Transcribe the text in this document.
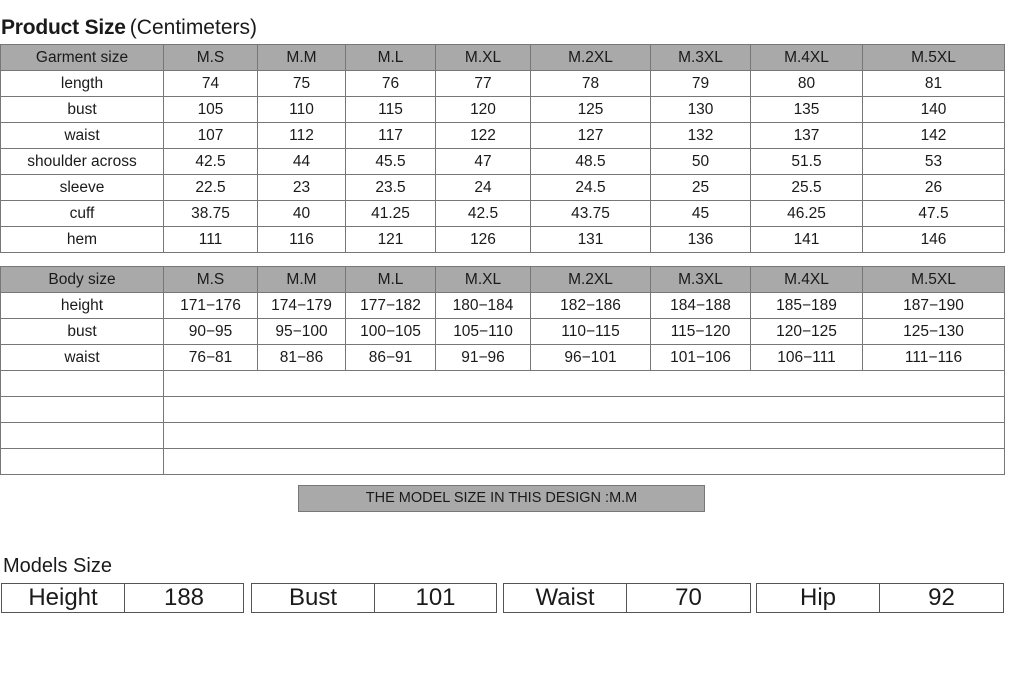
Product Size (Centimeters)
Garment size	M.S	M.M	M.L	M.XL	M.2XL	M.3XL	M.4XL	M.5XL
length	74	75	76	77	78	79	80	81
bust	105	110	115	120	125	130	135	140
waist	107	112	117	122	127	132	137	142
shoulder across	42.5	44	45.5	47	48.5	50	51.5	53
sleeve	22.5	23	23.5	24	24.5	25	25.5	26
cuff	38.75	40	41.25	42.5	43.75	45	46.25	47.5
hem	111	116	121	126	131	136	141	146
Body size	M.S	M.M	M.L	M.XL	M.2XL	M.3XL	M.4XL	M.5XL
height	171−176	174−179	177−182	180−184	182−186	184−188	185−189	187−190
bust	90−95	95−100	100−105	105−110	110−115	115−120	120−125	125−130
waist	76−81	81−86	86−91	91−96	96−101	101−106	106−111	111−116

THE MODEL SIZE IN THIS DESIGN :M.M
Models Size
Height	188	Bust	101	Waist	70	Hip	92
